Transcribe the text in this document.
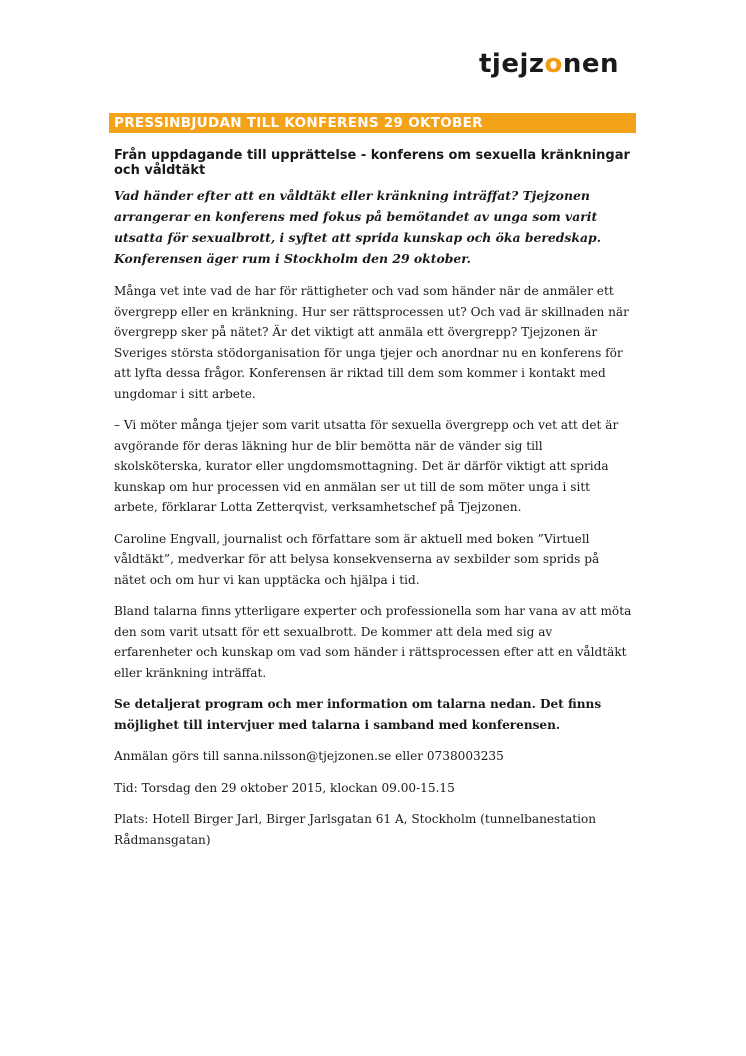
tjejzonen
PRESSINBJUDAN TILL KONFERENS 29 OKTOBER

Från uppdagande till upprättelse - konferens om sexuella kränkningar och våldtäkt

Vad händer efter att en våldtäkt eller kränkning inträffat? Tjejzonen arrangerar en konferens med fokus på bemötandet av unga som varit utsatta för sexualbrott, i syftet att sprida kunskap och öka beredskap. Konferensen äger rum i Stockholm den 29 oktober.

Många vet inte vad de har för rättigheter och vad som händer när de anmäler ett övergrepp eller en kränkning. Hur ser rättsprocessen ut? Och vad är skillnaden när övergrepp sker på nätet? Är det viktigt att anmäla ett övergrepp? Tjejzonen är Sveriges största stödorganisation för unga tjejer och anordnar nu en konferens för att lyfta dessa frågor. Konferensen är riktad till dem som kommer i kontakt med ungdomar i sitt arbete.

– Vi möter många tjejer som varit utsatta för sexuella övergrepp och vet att det är avgörande för deras läkning hur de blir bemötta när de vänder sig till skolsköterska, kurator eller ungdomsmottagning. Det är därför viktigt att sprida kunskap om hur processen vid en anmälan ser ut till de som möter unga i sitt arbete, förklarar Lotta Zetterqvist, verksamhetschef på Tjejzonen.

Caroline Engvall, journalist och författare som är aktuell med boken ”Virtuell våldtäkt”, medverkar för att belysa konsekvenserna av sexbilder som sprids på nätet och om hur vi kan upptäcka och hjälpa i tid.

Bland talarna finns ytterligare experter och professionella som har vana av att möta den som varit utsatt för ett sexualbrott. De kommer att dela med sig av erfarenheter och kunskap om vad som händer i rättsprocessen efter att en våldtäkt eller kränkning inträffat.

Se detaljerat program och mer information om talarna nedan. Det finns möjlighet till intervjuer med talarna i samband med konferensen.

Anmälan görs till sanna.nilsson@tjejzonen.se eller 0738003235

Tid: Torsdag den 29 oktober 2015, klockan 09.00-15.15

Plats: Hotell Birger Jarl, Birger Jarlsgatan 61 A, Stockholm (tunnelbanestation Rådmansgatan)
